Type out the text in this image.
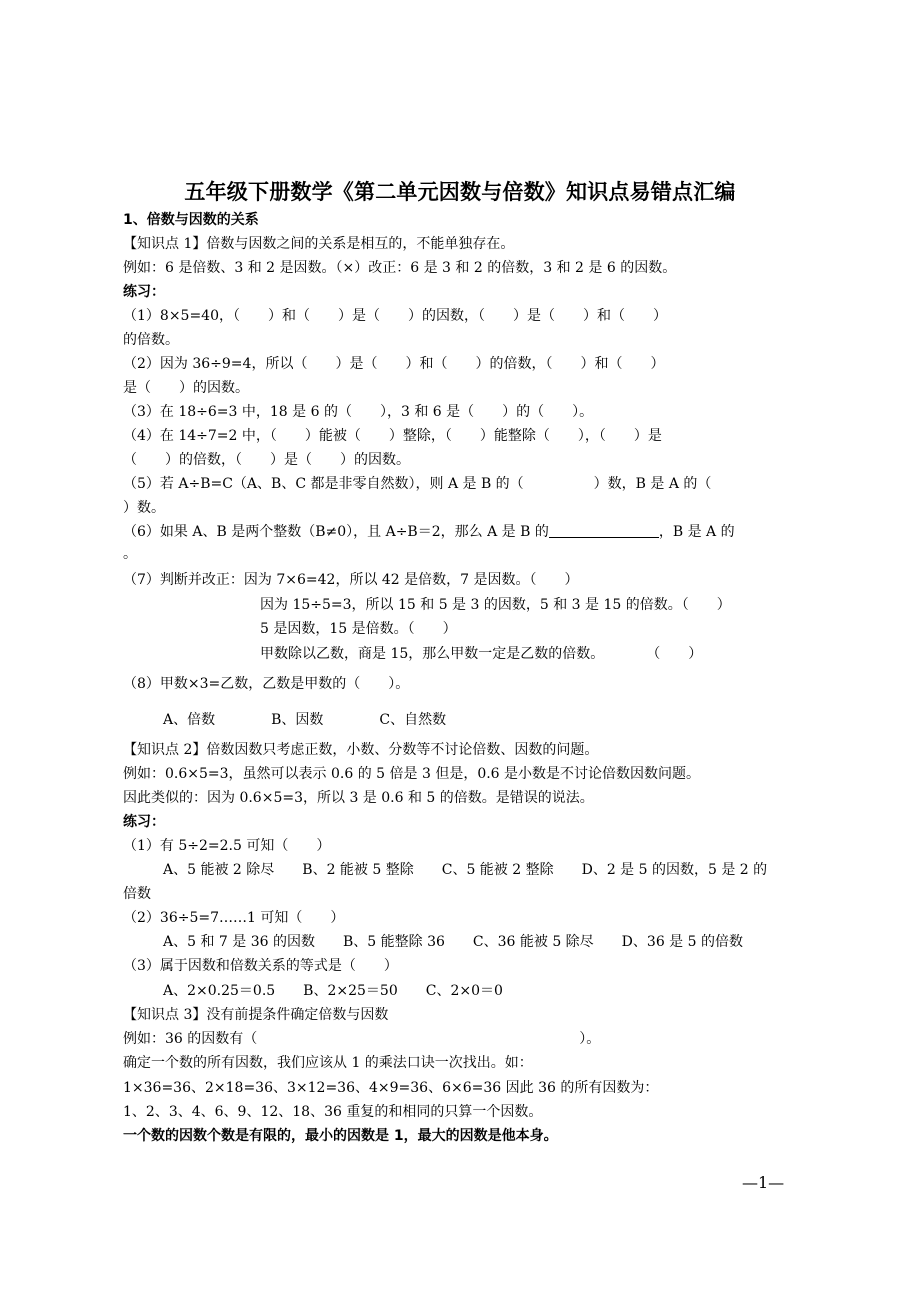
五年级下册数学《第二单元因数与倍数》知识点易错点汇编
1、倍数与因数的关系
【知识点 1】倍数与因数之间的关系是相互的，不能单独存在。
例如：6 是倍数、3 和 2 是因数。（×）改正：6 是 3 和 2 的倍数，3 和 2 是 6 的因数。
练习：
（1）8×5=40，（　　）和（　　）是（　　）的因数，（　　）是（　　）和（　　）
的倍数。
（2）因为 36÷9=4，所以（　　）是（　　）和（　　）的倍数，（　　）和（　　）
是（　　）的因数。
（3）在 18÷6=3 中，18 是 6 的（　　），3 和 6 是（　　）的（　　）。
（4）在 14÷7=2 中，（　　）能被（　　）整除，（　　）能整除（　　），（　　）是
（　　）的倍数，（　　）是（　　）的因数。
（5）若 A÷B=C（A、B、C 都是非零自然数），则 A 是 B 的（　　　　　）数，B 是 A 的（
）数。
（6）如果 A、B 是两个整数（B≠0），且 A÷B＝2，那么 A 是 B 的	，B 是 A 的
。
（7）判断并改正：因为 7×6=42，所以 42 是倍数，7 是因数。（　　）
因为 15÷5=3，所以 15 和 5 是 3 的因数，5 和 3 是 15 的倍数。（　　）
5 是因数，15 是倍数。（　　）
甲数除以乙数，商是 15，那么甲数一定是乙数的倍数。　　　　（　　）
（8）甲数×3=乙数，乙数是甲数的（　　）。
A、倍数　　　　B、因数　　　　C、自然数
【知识点 2】倍数因数只考虑正数，小数、分数等不讨论倍数、因数的问题。
例如：0.6×5=3，虽然可以表示 0.6 的 5 倍是 3 但是，0.6 是小数是不讨论倍数因数问题。
因此类似的：因为 0.6×5=3，所以 3 是 0.6 和 5 的倍数。是错误的说法。
练习：
（1）有 5÷2=2.5 可知（　　）
A、5 能被 2 除尽　　B、2 能被 5 整除　　C、5 能被 2 整除　　D、2 是 5 的因数，5 是 2 的
倍数
（2）36÷5=7……1 可知（　　）
A、5 和 7 是 36 的因数　　B、5 能整除 36　　C、36 能被 5 除尽　　D、36 是 5 的倍数
（3）属于因数和倍数关系的等式是（　　）
A、2×0.25＝0.5　　B、2×25＝50　　C、2×0＝0
【知识点 3】没有前提条件确定倍数与因数
例如：36 的因数有（　　　　　　　　　　　　　　　　　　　　　　　）。
确定一个数的所有因数，我们应该从 1 的乘法口诀一次找出。如：
1×36=36、2×18=36、3×12=36、4×9=36、6×6=36 因此 36 的所有因数为：
1、2、3、4、6、9、12、18、36 重复的和相同的只算一个因数。
一个数的因数个数是有限的，最小的因数是 1，最大的因数是他本身。
—1—
